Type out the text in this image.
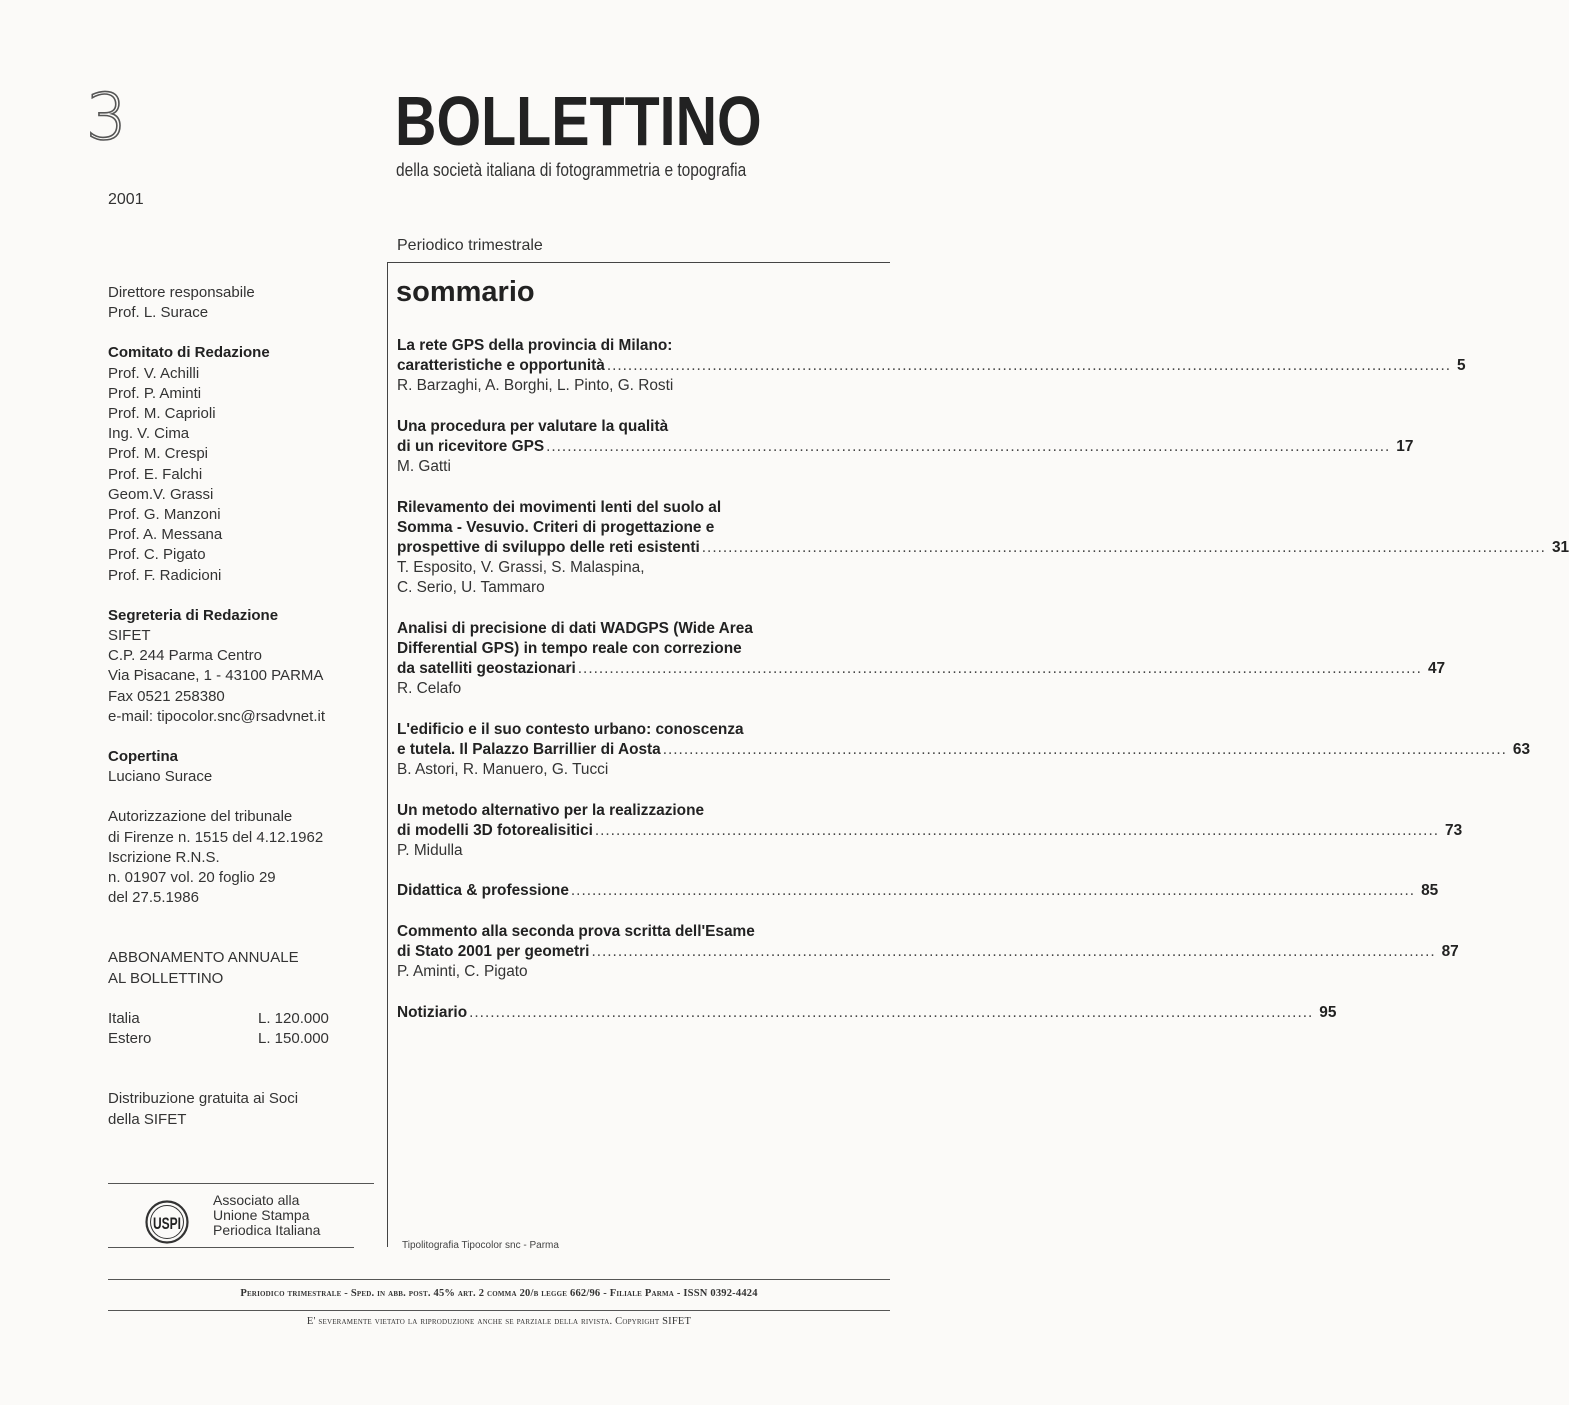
3
2001
BOLLETTINO
della società italiana di fotogrammetria e topografia
Periodico trimestrale
Direttore responsabile
Prof. L. Surace
Comitato di Redazione
Prof. V. Achilli
Prof. P. Aminti
Prof. M. Caprioli
Ing. V. Cima
Prof. M. Crespi
Prof. E. Falchi
Geom.V. Grassi
Prof. G. Manzoni
Prof. A. Messana
Prof. C. Pigato
Prof. F. Radicioni
Segreteria di Redazione
SIFET
C.P. 244 Parma Centro
Via Pisacane, 1 - 43100 PARMA
Fax 0521 258380
e-mail: tipocolor.snc@rsadvnet.it
Copertina
Luciano Surace
Autorizzazione del tribunale
di Firenze n. 1515 del 4.12.1962
Iscrizione R.N.S.
n. 01907 vol. 20 foglio 29
del 27.5.1986
ABBONAMENTO ANNUALE
AL BOLLETTINO
Italia	L. 120.000
Estero	L. 150.000
Distribuzione gratuita ai Soci
della SIFET
USPI
Associato alla
Unione Stampa
Periodica Italiana
sommario
La rete GPS della provincia di Milano:
caratteristiche e opportunità ................................................................................................................................................................ 5
R. Barzaghi, A. Borghi, L. Pinto, G. Rosti
Una procedura per valutare la qualità
di un ricevitore GPS ................................................................................................................................................................ 17
M. Gatti
Rilevamento dei movimenti lenti del suolo al
Somma - Vesuvio. Criteri di progettazione e
prospettive di sviluppo delle reti esistenti ................................................................................................................................................................ 31
T. Esposito, V. Grassi, S. Malaspina,
C. Serio, U. Tammaro
Analisi di precisione di dati WADGPS (Wide Area
Differential GPS) in tempo reale con correzione
da satelliti geostazionari ................................................................................................................................................................ 47
R. Celafo
L'edificio e il suo contesto urbano: conoscenza
e tutela. Il Palazzo Barrillier di Aosta ................................................................................................................................................................ 63
B. Astori, R. Manuero, G. Tucci
Un metodo alternativo per la realizzazione
di modelli 3D fotorealisitici ................................................................................................................................................................ 73
P. Midulla
Didattica & professione ................................................................................................................................................................ 85
Commento alla seconda prova scritta dell'Esame
di Stato 2001 per geometri ................................................................................................................................................................ 87
P. Aminti, C. Pigato
Notiziario ................................................................................................................................................................ 95
Tipolitografia Tipocolor snc - Parma
Periodico trimestrale - Sped. in abb. post. 45% art. 2 comma 20/b legge 662/96 - Filiale Parma - ISSN 0392-4424
E' severamente vietato la riproduzione anche se parziale della rivista. Copyright SIFET
